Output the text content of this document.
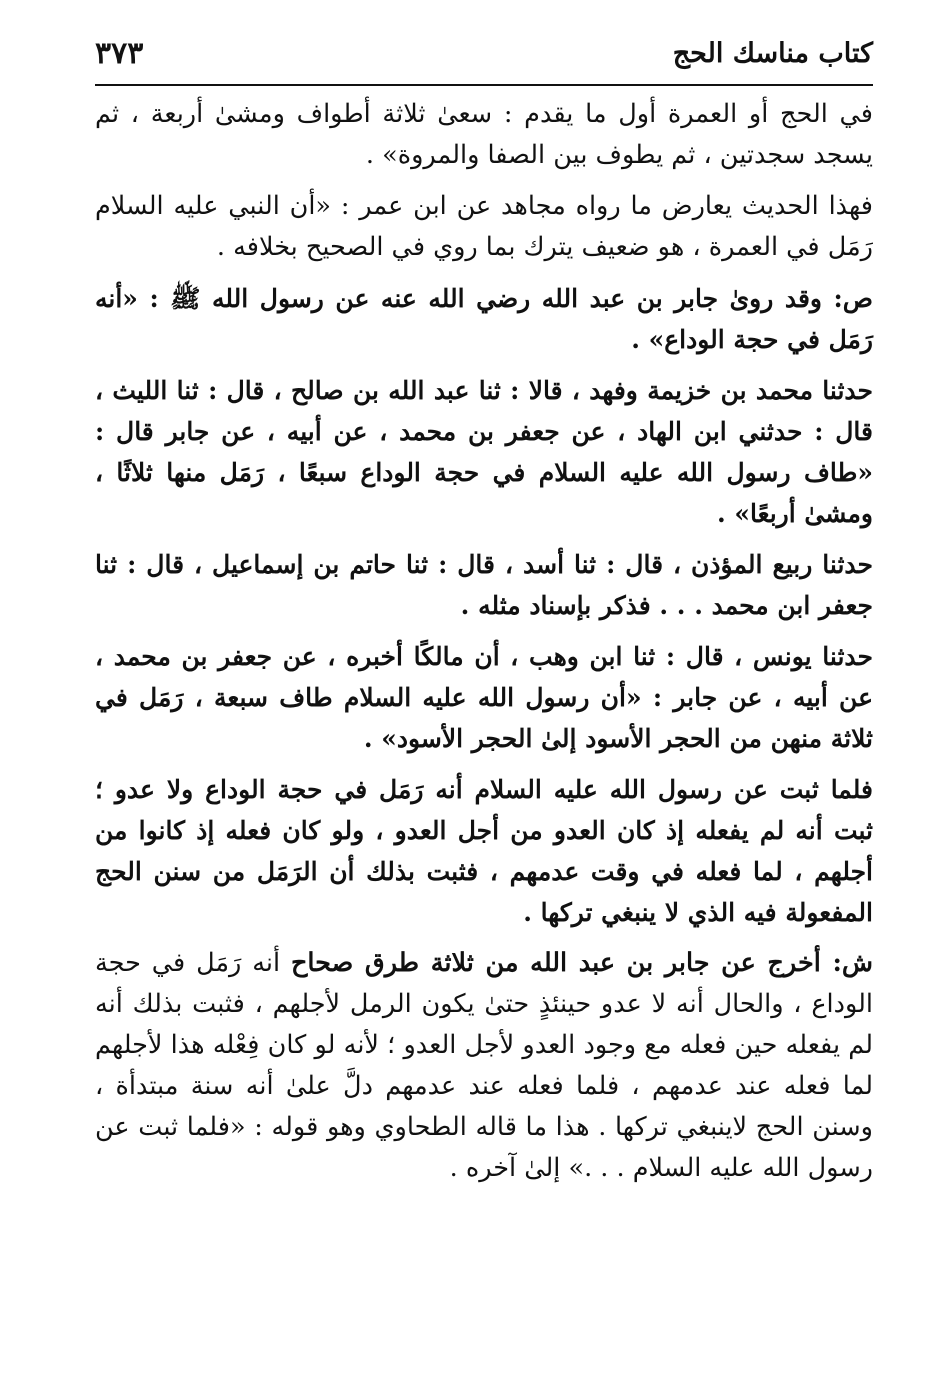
كتاب مناسك الحج
٣٧٣

في الحج أو العمرة أول ما يقدم : سعىٰ ثلاثة أطواف ومشىٰ أربعة ، ثم يسجد سجدتين ، ثم يطوف بين الصفا والمروة» .

فهذا الحديث يعارض ما رواه مجاهد عن ابن عمر : «أن النبي عليه السلام رَمَل في العمرة ، هو ضعيف يترك بما روي في الصحيح بخلافه .

ص: وقد روىٰ جابر بن عبد الله رضي الله عنه عن رسول الله ﷺ : «أنه رَمَل في حجة الوداع» .

حدثنا محمد بن خزيمة وفهد ، قالا : ثنا عبد الله بن صالح ، قال : ثنا الليث ، قال : حدثني ابن الهاد ، عن جعفر بن محمد ، عن أبيه ، عن جابر قال : «طاف رسول الله عليه السلام في حجة الوداع سبعًا ، رَمَل منها ثلاثًا ، ومشىٰ أربعًا» .

حدثنا ربيع المؤذن ، قال : ثنا أسد ، قال : ثنا حاتم بن إسماعيل ، قال : ثنا جعفر ابن محمد . . . فذكر بإسناد مثله .

حدثنا يونس ، قال : ثنا ابن وهب ، أن مالكًا أخبره ، عن جعفر بن محمد ، عن أبيه ، عن جابر : «أن رسول الله عليه السلام طاف سبعة ، رَمَل في ثلاثة منهن من الحجر الأسود إلىٰ الحجر الأسود» .

فلما ثبت عن رسول الله عليه السلام أنه رَمَل في حجة الوداع ولا عدو ؛ ثبت أنه لم يفعله إذ كان العدو من أجل العدو ، ولو كان فعله إذ كانوا من أجلهم ، لما فعله في وقت عدمهم ، فثبت بذلك أن الرَمَل من سنن الحج المفعولة فيه الذي لا ينبغي تركها .

ش: أخرج عن جابر بن عبد الله من ثلاثة طرق صحاح أنه رَمَل في حجة الوداع ، والحال أنه لا عدو حينئذٍ حتىٰ يكون الرمل لأجلهم ، فثبت بذلك أنه لم يفعله حين فعله مع وجود العدو لأجل العدو ؛ لأنه لو كان فِعْله هذا لأجلهم لما فعله عند عدمهم ، فلما فعله عند عدمهم دلَّ علىٰ أنه سنة مبتدأة ، وسنن الحج لاينبغي تركها . هذا ما قاله الطحاوي وهو قوله : «فلما ثبت عن رسول الله عليه السلام . . .» إلىٰ آخره .
